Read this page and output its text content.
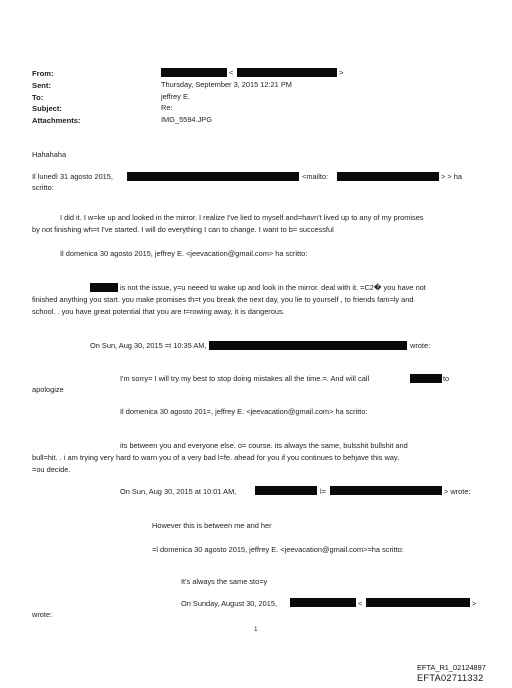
From:	<	>
Sent:	Thursday, September 3, 2015 12:21 PM
To:	jeffrey E.
Subject:	Re:
Attachments:	IMG_5594.JPG
Hahahaha
Il lunedì 31 agosto 2015,	<mailto:	> > ha
scritto:
I did it. I w=ke up and looked in the mirror. I realize I've lied to myself and=havn't lived up to any of my promises
by not finishing wh=t I've started. I will do everything I can to change. I want to b= successful
Il domenica 30 agosto 2015, jeffrey E. <jeevacation@gmail.com> ha scritto:
is not the issue, y=u neeed to wake up and look in the mirror. deal with it. =C2� you have not
finished anything you start. you make promises th=t you break the next day, you lie to yourself , to friends fam=ly and
school. . you have great potential that you are t=rowing away, it is dangerous.
On Sun, Aug 30, 2015 =t 10:35 AM,	wrote:
I'm sorry= I will try my best to stop doing mistakes all the time.=. And will call	to
apologize
Il domenica 30 agosto 201=, jeffrey E. <jeevacation@gmail.com> ha scritto:
its between you and everyone else. o= course. its always the same, bulsshit bullshit and
bull=hit. . i am trying very hard to warn you of a very bad l=fe. ahead for you if you continues to behjave this way,
=ou decide.
On Sun, Aug 30, 2015 at 10:01 AM,	l=	> wrote:
However this is between me and her
=l domenica 30 agosto 2015, jeffrey E. <jeevacation@gmail.com>=ha scritto:
It's always the same sto=y
On Sunday, August 30, 2015,	<	>
wrote:
1
EFTA_R1_02124897
EFTA02711332
